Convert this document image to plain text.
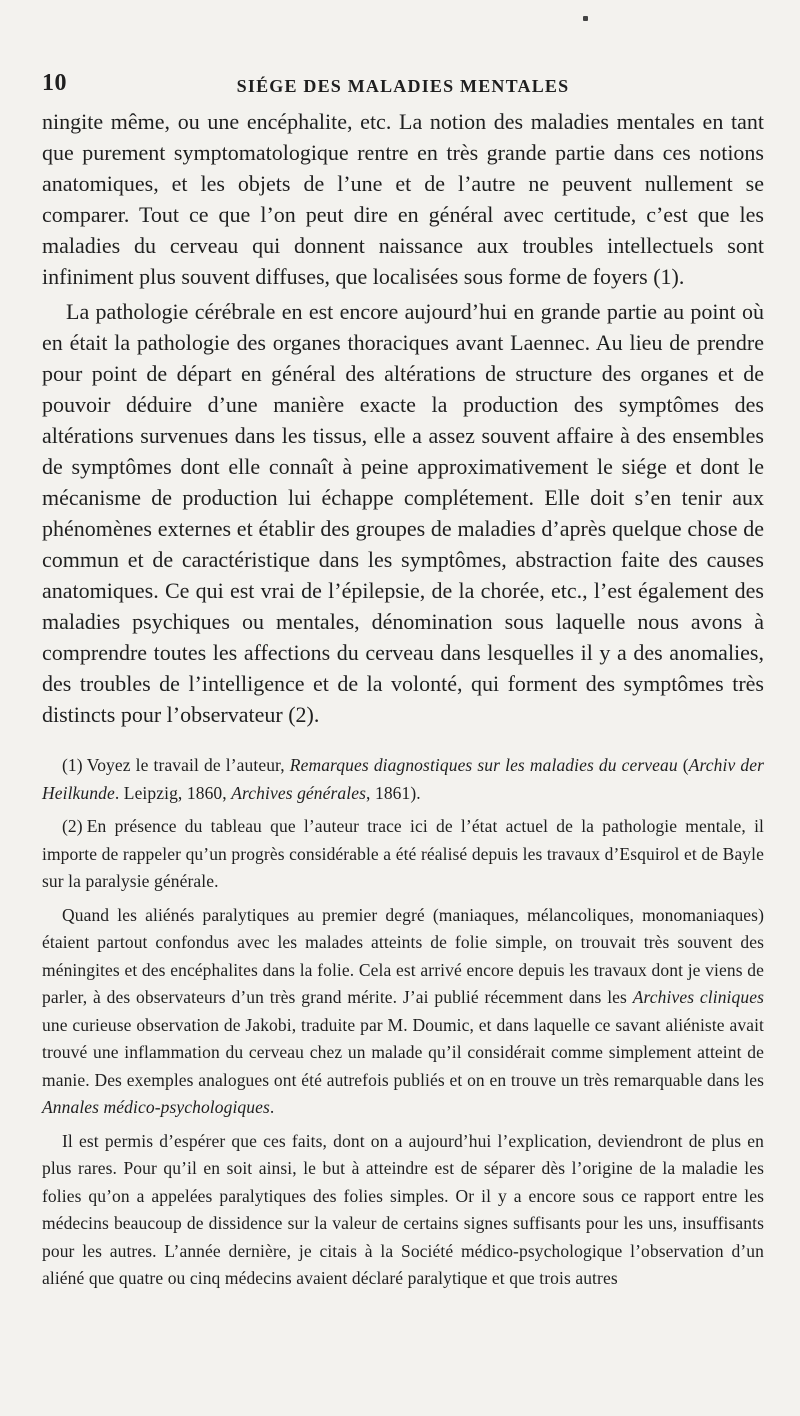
10	SIÉGE DES MALADIES MENTALES

ningite même, ou une encéphalite, etc. La notion des maladies mentales en tant que purement symptomatologique rentre en très grande partie dans ces notions anatomiques, et les objets de l’une et de l’autre ne peuvent nullement se comparer. Tout ce que l’on peut dire en général avec certitude, c’est que les maladies du cerveau qui donnent naissance aux troubles intellectuels sont infiniment plus souvent diffuses, que localisées sous forme de foyers (1).

La pathologie cérébrale en est encore aujourd’hui en grande partie au point où en était la pathologie des organes thoraciques avant Laennec. Au lieu de prendre pour point de départ en général des altérations de structure des organes et de pouvoir déduire d’une manière exacte la production des symptômes des altérations survenues dans les tissus, elle a assez souvent affaire à des ensembles de symptômes dont elle connaît à peine approximativement le siége et dont le mécanisme de production lui échappe complétement. Elle doit s’en tenir aux phénomènes externes et établir des groupes de maladies d’après quelque chose de commun et de caractéristique dans les symptômes, abstraction faite des causes anatomiques. Ce qui est vrai de l’épilepsie, de la chorée, etc., l’est également des maladies psychiques ou mentales, dénomination sous laquelle nous avons à comprendre toutes les affections du cerveau dans lesquelles il y a des anomalies, des troubles de l’intelligence et de la volonté, qui forment des symptômes très distincts pour l’observateur (2).

(1) Voyez le travail de l’auteur, Remarques diagnostiques sur les maladies du cerveau (Archiv der Heilkunde. Leipzig, 1860, Archives générales, 1861).

(2) En présence du tableau que l’auteur trace ici de l’état actuel de la pathologie mentale, il importe de rappeler qu’un progrès considérable a été réalisé depuis les travaux d’Esquirol et de Bayle sur la paralysie générale.

Quand les aliénés paralytiques au premier degré (maniaques, mélancoliques, monomaniaques) étaient partout confondus avec les malades atteints de folie simple, on trouvait très souvent des méningites et des encéphalites dans la folie. Cela est arrivé encore depuis les travaux dont je viens de parler, à des observateurs d’un très grand mérite. J’ai publié récemment dans les Archives cliniques une curieuse observation de Jakobi, traduite par M. Doumic, et dans laquelle ce savant aliéniste avait trouvé une inflammation du cerveau chez un malade qu’il considérait comme simplement atteint de manie. Des exemples analogues ont été autrefois publiés et on en trouve un très remarquable dans les Annales médico-psychologiques.

Il est permis d’espérer que ces faits, dont on a aujourd’hui l’explication, deviendront de plus en plus rares. Pour qu’il en soit ainsi, le but à atteindre est de séparer dès l’origine de la maladie les folies qu’on a appelées paralytiques des folies simples. Or il y a encore sous ce rapport entre les médecins beaucoup de dissidence sur la valeur de certains signes suffisants pour les uns, insuffisants pour les autres. L’année dernière, je citais à la Société médico-psychologique l’observation d’un aliéné que quatre ou cinq médecins avaient déclaré paralytique et que trois autres
